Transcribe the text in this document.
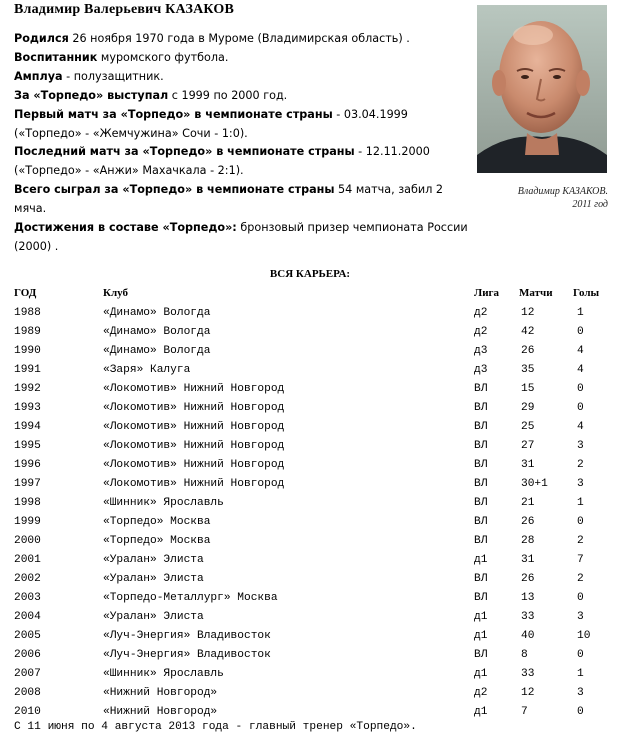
Владимир Валерьевич КАЗАКОВ

Родился 26 ноября 1970 года в Муроме (Владимирская область) .

Воспитанник муромского футбола.

Амплуа - полузащитник.

За «Торпедо» выступал с 1999 по 2000 год.

Первый матч за «Торпедо» в чемпионате страны - 03.04.1999 («Торпедо» - «Жемчужина» Сочи - 1:0).

Последний матч за «Торпедо» в чемпионате страны - 12.11.2000 («Торпедо» - «Анжи» Махачкала - 2:1).

Всего сыграл за «Торпедо» в чемпионате страны 54 матча, забил 2 мяча.

Достижения в составе «Торпедо»: бронзовый призер чемпионата России (2000) .

Владимир КАЗАКОВ.
2011 год
ВСЯ КАРЬЕРА:
ГОД	Клуб	Лига Матчи Голы
1988	«Динамо» Вологда	д2	12	1
1989	«Динамо» Вологда	д2	42	0
1990	«Динамо» Вологда	д3	26	4
1991	«Заря» Калуга	д3	35	4
1992	«Локомотив» Нижний Новгород	ВЛ	15	0
1993	«Локомотив» Нижний Новгород	ВЛ	29	0
1994	«Локомотив» Нижний Новгород	ВЛ	25	4
1995	«Локомотив» Нижний Новгород	ВЛ	27	3
1996	«Локомотив» Нижний Новгород	ВЛ	31	2
1997	«Локомотив» Нижний Новгород	ВЛ	30+1	3
1998	«Шинник» Ярославль	ВЛ	21	1
1999	«Торпедо» Москва	ВЛ	26	0
2000	«Торпедо» Москва	ВЛ	28	2
2001	«Уралан» Элиста	д1	31	7
2002	«Уралан» Элиста	ВЛ	26	2
2003	«Торпедо-Металлург» Москва	ВЛ	13	0
2004	«Уралан» Элиста	д1	33	3
2005	«Луч-Энергия» Владивосток	д1	40	10
2006	«Луч-Энергия» Владивосток	ВЛ	8	0
2007	«Шинник» Ярославль	д1	33	1
2008	«Нижний Новгород»	д2	12	3
2010	«Нижний Новгород»	д1	7	0
С 11 июня по 4 августа 2013 года - главный тренер «Торпедо».
